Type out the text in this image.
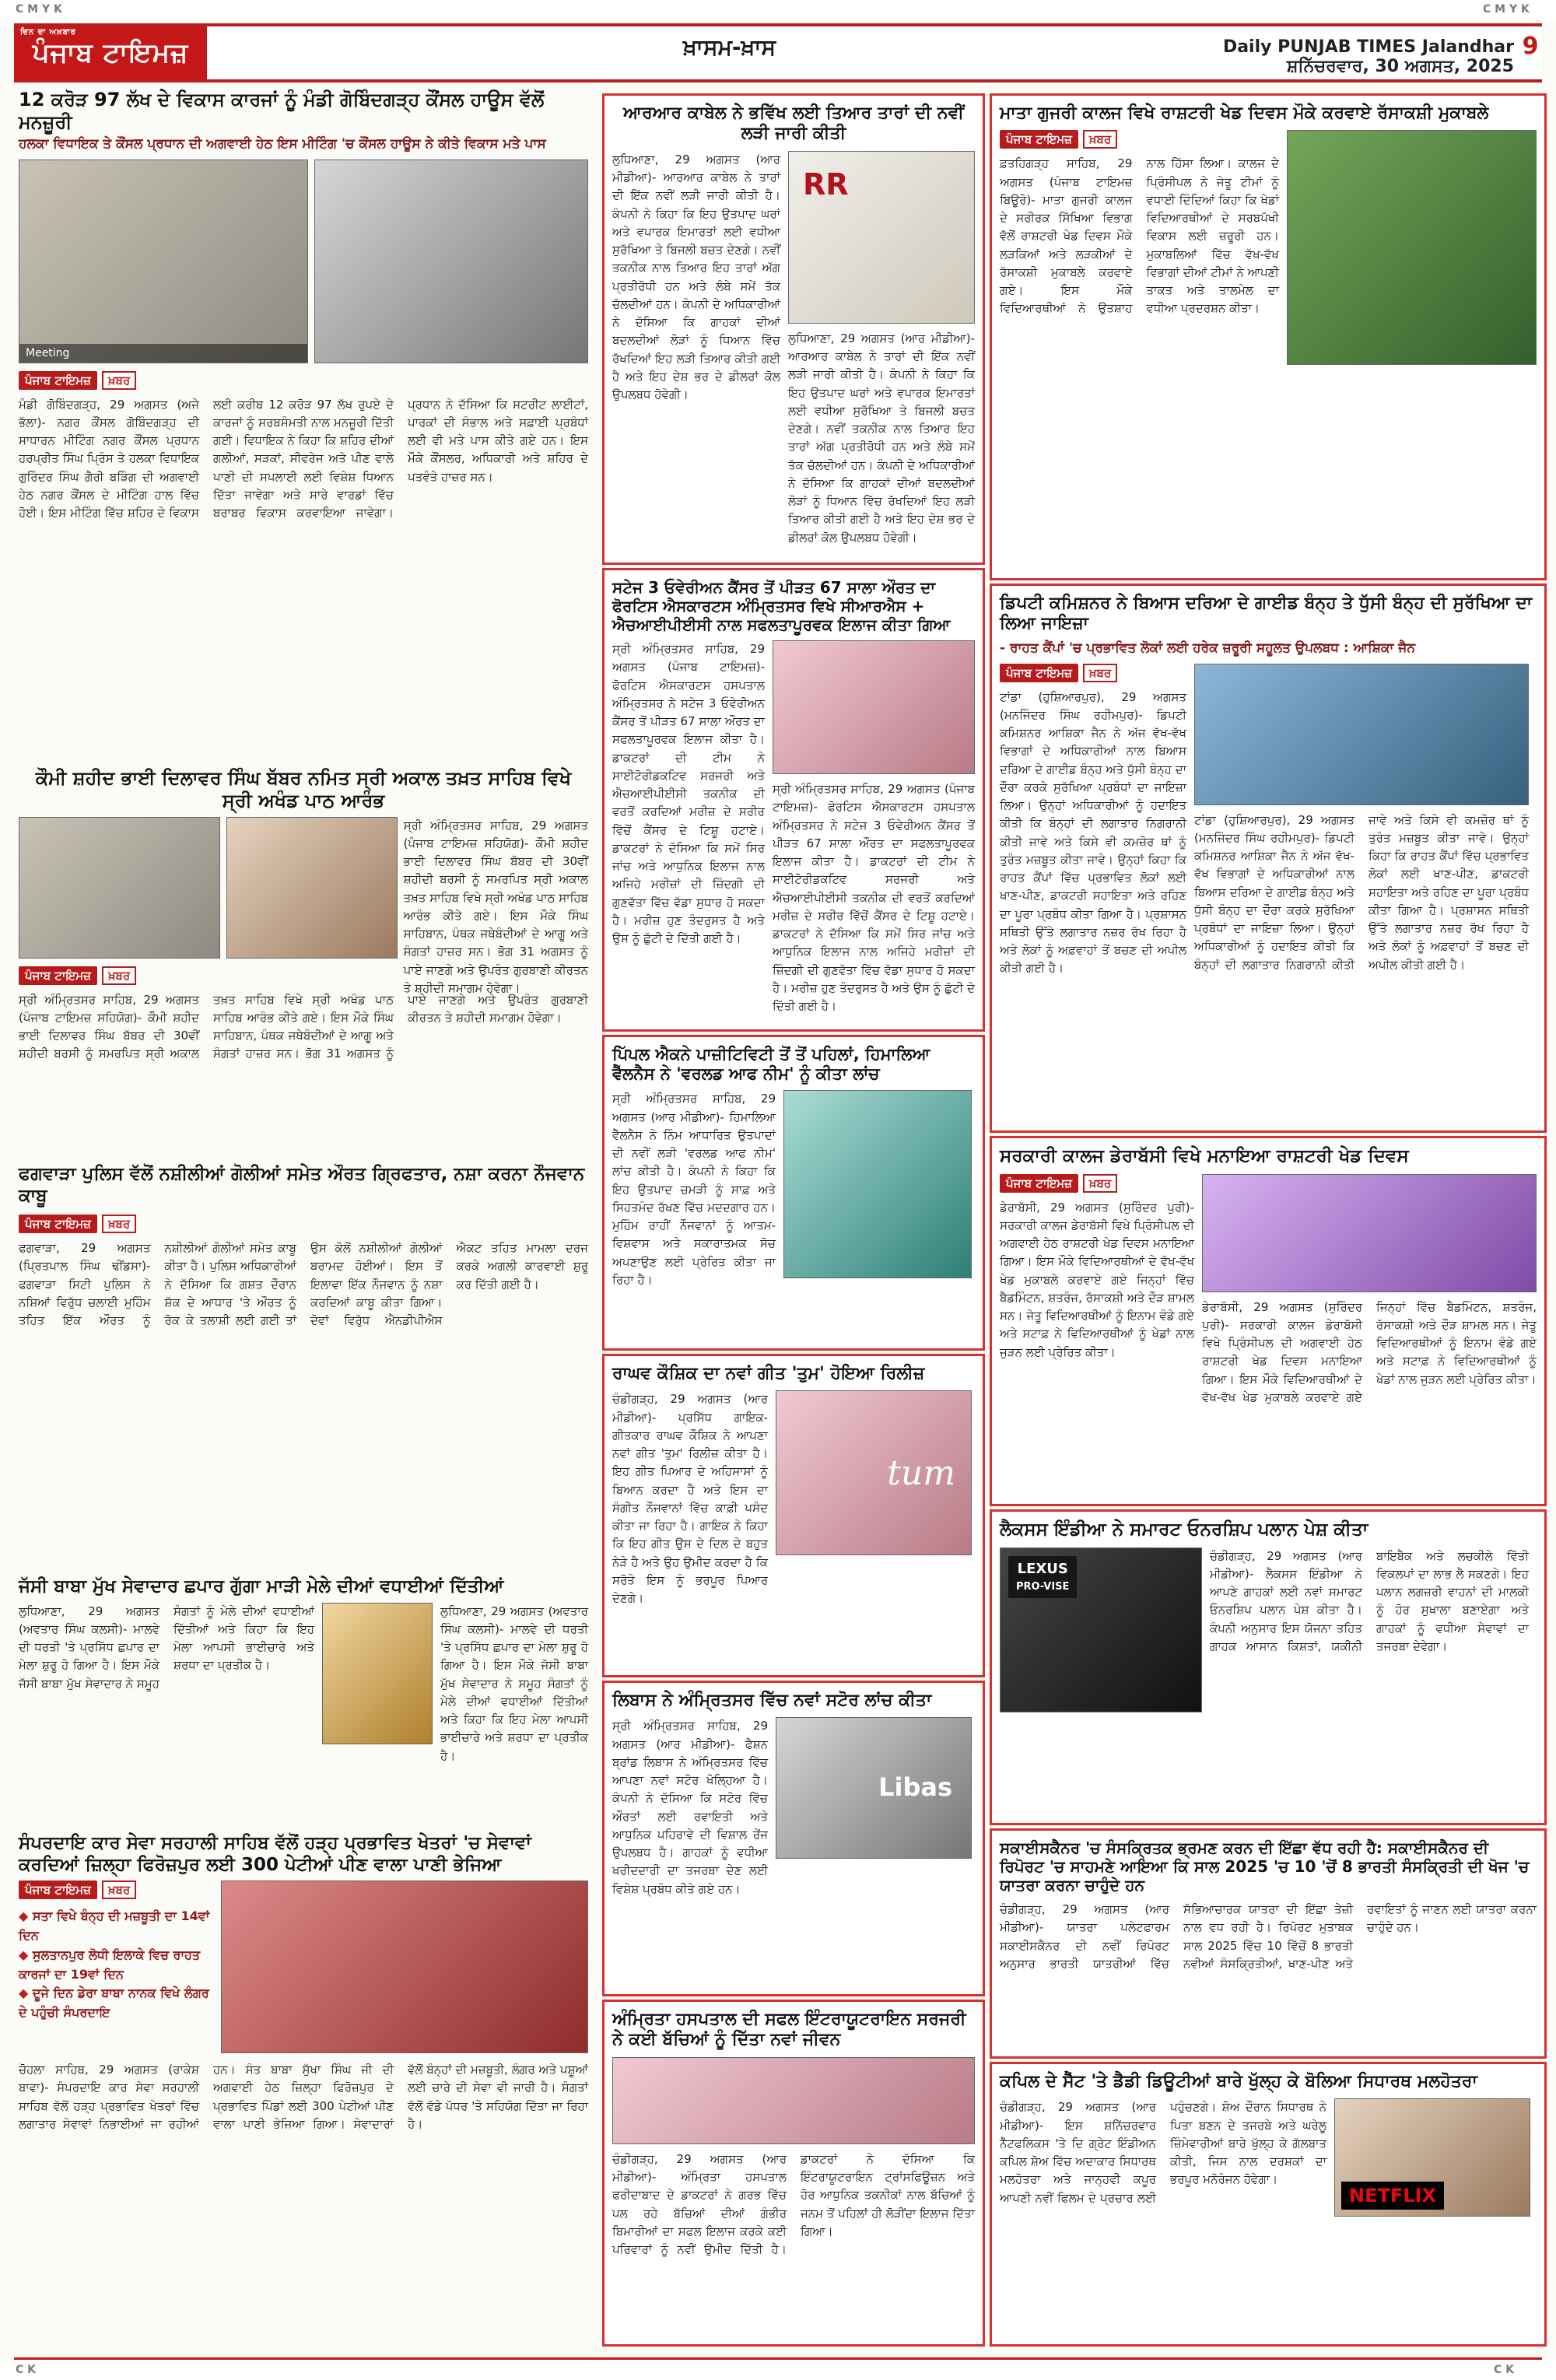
C M Y K	C M Y K
ਦਿਨ ਦਾ ਅਖ਼ਬਾਰ
ਪੰਜਾਬ ਟਾਇਮਜ਼	ਖ਼ਾਸਮ-ਖ਼ਾਸ	Daily PUNJAB TIMES Jalandhar ਸ਼ਨਿੱਚਰਵਾਰ, 30 ਅਗਸਤ, 2025
9
12 ਕਰੋੜ 97 ਲੱਖ ਦੇ ਵਿਕਾਸ ਕਾਰਜਾਂ ਨੂੰ ਮੰਡੀ ਗੋਬਿੰਦਗੜ੍ਹ ਕੌਂਸਲ ਹਾਊਸ ਵੱਲੋਂ ਮਨਜ਼ੂਰੀ
ਹਲਕਾ ਵਿਧਾਇਕ ਤੇ ਕੌਂਸਲ ਪ੍ਰਧਾਨ ਦੀ ਅਗਵਾਈ ਹੇਠ ਇਸ ਮੀਟਿੰਗ 'ਚ ਕੌਂਸਲ ਹਾਊਸ ਨੇ ਕੀਤੇ ਵਿਕਾਸ ਮਤੇ ਪਾਸ
Meeting
ਪੰਜਾਬ ਟਾਇਮਜ਼	ਖ਼ਬਰ
ਮੰਡੀ ਗੋਬਿੰਦਗੜ੍ਹ, 29 ਅਗਸਤ (ਅਜੇ ਭੱਲਾ)- ਨਗਰ ਕੌਂਸਲ ਗੋਬਿੰਦਗੜ੍ਹ ਦੀ ਸਾਧਾਰਨ ਮੀਟਿੰਗ ਨਗਰ ਕੌਂਸਲ ਪ੍ਰਧਾਨ ਹਰਪ੍ਰੀਤ ਸਿੰਘ ਪ੍ਰਿੰਸ ਤੇ ਹਲਕਾ ਵਿਧਾਇਕ ਗੁਰਿੰਦਰ ਸਿੰਘ ਗੈਰੀ ਬੜਿੰਗ ਦੀ ਅਗਵਾਈ ਹੇਠ ਨਗਰ ਕੌਂਸਲ ਦੇ ਮੀਟਿੰਗ ਹਾਲ ਵਿੱਚ ਹੋਈ। ਇਸ ਮੀਟਿੰਗ ਵਿੱਚ ਸ਼ਹਿਰ ਦੇ ਵਿਕਾਸ ਲਈ ਕਰੀਬ 12 ਕਰੋੜ 97 ਲੱਖ ਰੁਪਏ ਦੇ ਕਾਰਜਾਂ ਨੂੰ ਸਰਬਸੰਮਤੀ ਨਾਲ ਮਨਜ਼ੂਰੀ ਦਿੱਤੀ ਗਈ। ਵਿਧਾਇਕ ਨੇ ਕਿਹਾ ਕਿ ਸ਼ਹਿਰ ਦੀਆਂ ਗਲੀਆਂ, ਸੜਕਾਂ, ਸੀਵਰੇਜ ਅਤੇ ਪੀਣ ਵਾਲੇ ਪਾਣੀ ਦੀ ਸਪਲਾਈ ਲਈ ਵਿਸ਼ੇਸ਼ ਧਿਆਨ ਦਿੱਤਾ ਜਾਵੇਗਾ ਅਤੇ ਸਾਰੇ ਵਾਰਡਾਂ ਵਿੱਚ ਬਰਾਬਰ ਵਿਕਾਸ ਕਰਵਾਇਆ ਜਾਵੇਗਾ। ਪ੍ਰਧਾਨ ਨੇ ਦੱਸਿਆ ਕਿ ਸਟਰੀਟ ਲਾਈਟਾਂ, ਪਾਰਕਾਂ ਦੀ ਸੰਭਾਲ ਅਤੇ ਸਫ਼ਾਈ ਪ੍ਰਬੰਧਾਂ ਲਈ ਵੀ ਮਤੇ ਪਾਸ ਕੀਤੇ ਗਏ ਹਨ। ਇਸ ਮੌਕੇ ਕੌਂਸਲਰ, ਅਧਿਕਾਰੀ ਅਤੇ ਸ਼ਹਿਰ ਦੇ ਪਤਵੰਤੇ ਹਾਜ਼ਰ ਸਨ।
ਆਰਆਰ ਕਾਬੇਲ ਨੇ ਭਵਿੱਖ ਲਈ ਤਿਆਰ ਤਾਰਾਂ ਦੀ ਨਵੀਂ ਲੜੀ ਜਾਰੀ ਕੀਤੀ
ਲੁਧਿਆਣਾ, 29 ਅਗਸਤ (ਆਰ ਮੀਡੀਆ)- ਆਰਆਰ ਕਾਬੇਲ ਨੇ ਤਾਰਾਂ ਦੀ ਇੱਕ ਨਵੀਂ ਲੜੀ ਜਾਰੀ ਕੀਤੀ ਹੈ। ਕੰਪਨੀ ਨੇ ਕਿਹਾ ਕਿ ਇਹ ਉਤਪਾਦ ਘਰਾਂ ਅਤੇ ਵਪਾਰਕ ਇਮਾਰਤਾਂ ਲਈ ਵਧੀਆ ਸੁਰੱਖਿਆ ਤੇ ਬਿਜਲੀ ਬਚਤ ਦੇਣਗੇ। ਨਵੀਂ ਤਕਨੀਕ ਨਾਲ ਤਿਆਰ ਇਹ ਤਾਰਾਂ ਅੱਗ ਪ੍ਰਤੀਰੋਧੀ ਹਨ ਅਤੇ ਲੰਬੇ ਸਮੇਂ ਤੱਕ ਚੱਲਦੀਆਂ ਹਨ। ਕੰਪਨੀ ਦੇ ਅਧਿਕਾਰੀਆਂ ਨੇ ਦੱਸਿਆ ਕਿ ਗਾਹਕਾਂ ਦੀਆਂ ਬਦਲਦੀਆਂ ਲੋੜਾਂ ਨੂੰ ਧਿਆਨ ਵਿੱਚ ਰੱਖਦਿਆਂ ਇਹ ਲੜੀ ਤਿਆਰ ਕੀਤੀ ਗਈ ਹੈ ਅਤੇ ਇਹ ਦੇਸ਼ ਭਰ ਦੇ ਡੀਲਰਾਂ ਕੋਲ ਉਪਲਬਧ ਹੋਵੇਗੀ।
RR
ਲੁਧਿਆਣਾ, 29 ਅਗਸਤ (ਆਰ ਮੀਡੀਆ)- ਆਰਆਰ ਕਾਬੇਲ ਨੇ ਤਾਰਾਂ ਦੀ ਇੱਕ ਨਵੀਂ ਲੜੀ ਜਾਰੀ ਕੀਤੀ ਹੈ। ਕੰਪਨੀ ਨੇ ਕਿਹਾ ਕਿ ਇਹ ਉਤਪਾਦ ਘਰਾਂ ਅਤੇ ਵਪਾਰਕ ਇਮਾਰਤਾਂ ਲਈ ਵਧੀਆ ਸੁਰੱਖਿਆ ਤੇ ਬਿਜਲੀ ਬਚਤ ਦੇਣਗੇ। ਨਵੀਂ ਤਕਨੀਕ ਨਾਲ ਤਿਆਰ ਇਹ ਤਾਰਾਂ ਅੱਗ ਪ੍ਰਤੀਰੋਧੀ ਹਨ ਅਤੇ ਲੰਬੇ ਸਮੇਂ ਤੱਕ ਚੱਲਦੀਆਂ ਹਨ। ਕੰਪਨੀ ਦੇ ਅਧਿਕਾਰੀਆਂ ਨੇ ਦੱਸਿਆ ਕਿ ਗਾਹਕਾਂ ਦੀਆਂ ਬਦਲਦੀਆਂ ਲੋੜਾਂ ਨੂੰ ਧਿਆਨ ਵਿੱਚ ਰੱਖਦਿਆਂ ਇਹ ਲੜੀ ਤਿਆਰ ਕੀਤੀ ਗਈ ਹੈ ਅਤੇ ਇਹ ਦੇਸ਼ ਭਰ ਦੇ ਡੀਲਰਾਂ ਕੋਲ ਉਪਲਬਧ ਹੋਵੇਗੀ।
ਮਾਤਾ ਗੁਜਰੀ ਕਾਲਜ ਵਿਖੇ ਰਾਸ਼ਟਰੀ ਖੇਡ ਦਿਵਸ ਮੌਕੇ ਕਰਵਾਏ ਰੱਸਾਕਸ਼ੀ ਮੁਕਾਬਲੇ
ਪੰਜਾਬ ਟਾਇਮਜ਼	ਖ਼ਬਰ
ਫ਼ਤਹਿਗੜ੍ਹ ਸਾਹਿਬ, 29 ਅਗਸਤ (ਪੰਜਾਬ ਟਾਇਮਜ਼ ਬਿਊਰੋ)- ਮਾਤਾ ਗੁਜਰੀ ਕਾਲਜ ਦੇ ਸਰੀਰਕ ਸਿੱਖਿਆ ਵਿਭਾਗ ਵੱਲੋਂ ਰਾਸ਼ਟਰੀ ਖੇਡ ਦਿਵਸ ਮੌਕੇ ਲੜਕਿਆਂ ਅਤੇ ਲੜਕੀਆਂ ਦੇ ਰੱਸਾਕਸ਼ੀ ਮੁਕਾਬਲੇ ਕਰਵਾਏ ਗਏ। ਇਸ ਮੌਕੇ ਵਿਦਿਆਰਥੀਆਂ ਨੇ ਉਤਸ਼ਾਹ ਨਾਲ ਹਿੱਸਾ ਲਿਆ। ਕਾਲਜ ਦੇ ਪ੍ਰਿੰਸੀਪਲ ਨੇ ਜੇਤੂ ਟੀਮਾਂ ਨੂੰ ਵਧਾਈ ਦਿੰਦਿਆਂ ਕਿਹਾ ਕਿ ਖੇਡਾਂ ਵਿਦਿਆਰਥੀਆਂ ਦੇ ਸਰਬਪੱਖੀ ਵਿਕਾਸ ਲਈ ਜ਼ਰੂਰੀ ਹਨ। ਮੁਕਾਬਲਿਆਂ ਵਿੱਚ ਵੱਖ-ਵੱਖ ਵਿਭਾਗਾਂ ਦੀਆਂ ਟੀਮਾਂ ਨੇ ਆਪਣੀ ਤਾਕਤ ਅਤੇ ਤਾਲਮੇਲ ਦਾ ਵਧੀਆ ਪ੍ਰਦਰਸ਼ਨ ਕੀਤਾ।
ਕੌਮੀ ਸ਼ਹੀਦ ਭਾਈ ਦਿਲਾਵਰ ਸਿੰਘ ਬੱਬਰ ਨਮਿਤ ਸ੍ਰੀ ਅਕਾਲ ਤਖ਼ਤ ਸਾਹਿਬ ਵਿਖੇ ਸ੍ਰੀ ਅਖੰਡ ਪਾਠ ਆਰੰਭ
ਸ੍ਰੀ ਅੰਮ੍ਰਿਤਸਰ ਸਾਹਿਬ, 29 ਅਗਸਤ (ਪੰਜਾਬ ਟਾਇਮਜ਼ ਸਹਿਯੋਗ)- ਕੌਮੀ ਸ਼ਹੀਦ ਭਾਈ ਦਿਲਾਵਰ ਸਿੰਘ ਬੱਬਰ ਦੀ 30ਵੀਂ ਸ਼ਹੀਦੀ ਬਰਸੀ ਨੂੰ ਸਮਰਪਿਤ ਸ੍ਰੀ ਅਕਾਲ ਤਖ਼ਤ ਸਾਹਿਬ ਵਿਖੇ ਸ੍ਰੀ ਅਖੰਡ ਪਾਠ ਸਾਹਿਬ ਆਰੰਭ ਕੀਤੇ ਗਏ। ਇਸ ਮੌਕੇ ਸਿੰਘ ਸਾਹਿਬਾਨ, ਪੰਥਕ ਜਥੇਬੰਦੀਆਂ ਦੇ ਆਗੂ ਅਤੇ ਸੰਗਤਾਂ ਹਾਜ਼ਰ ਸਨ। ਭੋਗ 31 ਅਗਸਤ ਨੂੰ ਪਾਏ ਜਾਣਗੇ ਅਤੇ ਉਪਰੰਤ ਗੁਰਬਾਣੀ ਕੀਰਤਨ ਤੇ ਸ਼ਹੀਦੀ ਸਮਾਗਮ ਹੋਵੇਗਾ।
ਪੰਜਾਬ ਟਾਇਮਜ਼	ਖ਼ਬਰ
ਸ੍ਰੀ ਅੰਮ੍ਰਿਤਸਰ ਸਾਹਿਬ, 29 ਅਗਸਤ (ਪੰਜਾਬ ਟਾਇਮਜ਼ ਸਹਿਯੋਗ)- ਕੌਮੀ ਸ਼ਹੀਦ ਭਾਈ ਦਿਲਾਵਰ ਸਿੰਘ ਬੱਬਰ ਦੀ 30ਵੀਂ ਸ਼ਹੀਦੀ ਬਰਸੀ ਨੂੰ ਸਮਰਪਿਤ ਸ੍ਰੀ ਅਕਾਲ ਤਖ਼ਤ ਸਾਹਿਬ ਵਿਖੇ ਸ੍ਰੀ ਅਖੰਡ ਪਾਠ ਸਾਹਿਬ ਆਰੰਭ ਕੀਤੇ ਗਏ। ਇਸ ਮੌਕੇ ਸਿੰਘ ਸਾਹਿਬਾਨ, ਪੰਥਕ ਜਥੇਬੰਦੀਆਂ ਦੇ ਆਗੂ ਅਤੇ ਸੰਗਤਾਂ ਹਾਜ਼ਰ ਸਨ। ਭੋਗ 31 ਅਗਸਤ ਨੂੰ ਪਾਏ ਜਾਣਗੇ ਅਤੇ ਉਪਰੰਤ ਗੁਰਬਾਣੀ ਕੀਰਤਨ ਤੇ ਸ਼ਹੀਦੀ ਸਮਾਗਮ ਹੋਵੇਗਾ।
ਸਟੇਜ 3 ਓਵੇਰੀਅਨ ਕੈਂਸਰ ਤੋਂ ਪੀੜਤ 67 ਸਾਲਾ ਔਰਤ ਦਾ ਫੋਰਟਿਸ ਐਸਕਾਰਟਸ ਅੰਮ੍ਰਿਤਸਰ ਵਿਖੇ ਸੀਆਰਐਸ + ਐਚਆਈਪੀਈਸੀ ਨਾਲ ਸਫਲਤਾਪੂਰਵਕ ਇਲਾਜ ਕੀਤਾ ਗਿਆ
ਸ੍ਰੀ ਅੰਮ੍ਰਿਤਸਰ ਸਾਹਿਬ, 29 ਅਗਸਤ (ਪੰਜਾਬ ਟਾਇਮਜ਼)- ਫੋਰਟਿਸ ਐਸਕਾਰਟਸ ਹਸਪਤਾਲ ਅੰਮ੍ਰਿਤਸਰ ਨੇ ਸਟੇਜ 3 ਓਵੇਰੀਅਨ ਕੈਂਸਰ ਤੋਂ ਪੀੜਤ 67 ਸਾਲਾ ਔਰਤ ਦਾ ਸਫਲਤਾਪੂਰਵਕ ਇਲਾਜ ਕੀਤਾ ਹੈ। ਡਾਕਟਰਾਂ ਦੀ ਟੀਮ ਨੇ ਸਾਈਟੋਰੀਡਕਟਿਵ ਸਰਜਰੀ ਅਤੇ ਐਚਆਈਪੀਈਸੀ ਤਕਨੀਕ ਦੀ ਵਰਤੋਂ ਕਰਦਿਆਂ ਮਰੀਜ਼ ਦੇ ਸਰੀਰ ਵਿੱਚੋਂ ਕੈਂਸਰ ਦੇ ਟਿਸ਼ੂ ਹਟਾਏ। ਡਾਕਟਰਾਂ ਨੇ ਦੱਸਿਆ ਕਿ ਸਮੇਂ ਸਿਰ ਜਾਂਚ ਅਤੇ ਆਧੁਨਿਕ ਇਲਾਜ ਨਾਲ ਅਜਿਹੇ ਮਰੀਜ਼ਾਂ ਦੀ ਜ਼ਿੰਦਗੀ ਦੀ ਗੁਣਵੱਤਾ ਵਿੱਚ ਵੱਡਾ ਸੁਧਾਰ ਹੋ ਸਕਦਾ ਹੈ। ਮਰੀਜ਼ ਹੁਣ ਤੰਦਰੁਸਤ ਹੈ ਅਤੇ ਉਸ ਨੂੰ ਛੁੱਟੀ ਦੇ ਦਿੱਤੀ ਗਈ ਹੈ।
ਸ੍ਰੀ ਅੰਮ੍ਰਿਤਸਰ ਸਾਹਿਬ, 29 ਅਗਸਤ (ਪੰਜਾਬ ਟਾਇਮਜ਼)- ਫੋਰਟਿਸ ਐਸਕਾਰਟਸ ਹਸਪਤਾਲ ਅੰਮ੍ਰਿਤਸਰ ਨੇ ਸਟੇਜ 3 ਓਵੇਰੀਅਨ ਕੈਂਸਰ ਤੋਂ ਪੀੜਤ 67 ਸਾਲਾ ਔਰਤ ਦਾ ਸਫਲਤਾਪੂਰਵਕ ਇਲਾਜ ਕੀਤਾ ਹੈ। ਡਾਕਟਰਾਂ ਦੀ ਟੀਮ ਨੇ ਸਾਈਟੋਰੀਡਕਟਿਵ ਸਰਜਰੀ ਅਤੇ ਐਚਆਈਪੀਈਸੀ ਤਕਨੀਕ ਦੀ ਵਰਤੋਂ ਕਰਦਿਆਂ ਮਰੀਜ਼ ਦੇ ਸਰੀਰ ਵਿੱਚੋਂ ਕੈਂਸਰ ਦੇ ਟਿਸ਼ੂ ਹਟਾਏ। ਡਾਕਟਰਾਂ ਨੇ ਦੱਸਿਆ ਕਿ ਸਮੇਂ ਸਿਰ ਜਾਂਚ ਅਤੇ ਆਧੁਨਿਕ ਇਲਾਜ ਨਾਲ ਅਜਿਹੇ ਮਰੀਜ਼ਾਂ ਦੀ ਜ਼ਿੰਦਗੀ ਦੀ ਗੁਣਵੱਤਾ ਵਿੱਚ ਵੱਡਾ ਸੁਧਾਰ ਹੋ ਸਕਦਾ ਹੈ। ਮਰੀਜ਼ ਹੁਣ ਤੰਦਰੁਸਤ ਹੈ ਅਤੇ ਉਸ ਨੂੰ ਛੁੱਟੀ ਦੇ ਦਿੱਤੀ ਗਈ ਹੈ।
ਡਿਪਟੀ ਕਮਿਸ਼ਨਰ ਨੇ ਬਿਆਸ ਦਰਿਆ ਦੇ ਗਾਈਡ ਬੰਨ੍ਹ ਤੇ ਧੁੱਸੀ ਬੰਨ੍ਹ ਦੀ ਸੁਰੱਖਿਆ ਦਾ ਲਿਆ ਜਾਇਜ਼ਾ
- ਰਾਹਤ ਕੈਂਪਾਂ 'ਚ ਪ੍ਰਭਾਵਿਤ ਲੋਕਾਂ ਲਈ ਹਰੇਕ ਜ਼ਰੂਰੀ ਸਹੂਲਤ ਉਪਲਬਧ : ਆਸ਼ਿਕਾ ਜੈਨ
ਪੰਜਾਬ ਟਾਇਮਜ਼	ਖ਼ਬਰ
ਟਾਂਡਾ (ਹੁਸ਼ਿਆਰਪੁਰ), 29 ਅਗਸਤ (ਮਨਜਿੰਦਰ ਸਿੰਘ ਰਹੀਮਪੁਰ)- ਡਿਪਟੀ ਕਮਿਸ਼ਨਰ ਆਸ਼ਿਕਾ ਜੈਨ ਨੇ ਅੱਜ ਵੱਖ-ਵੱਖ ਵਿਭਾਗਾਂ ਦੇ ਅਧਿਕਾਰੀਆਂ ਨਾਲ ਬਿਆਸ ਦਰਿਆ ਦੇ ਗਾਈਡ ਬੰਨ੍ਹ ਅਤੇ ਧੁੱਸੀ ਬੰਨ੍ਹ ਦਾ ਦੌਰਾ ਕਰਕੇ ਸੁਰੱਖਿਆ ਪ੍ਰਬੰਧਾਂ ਦਾ ਜਾਇਜ਼ਾ ਲਿਆ। ਉਨ੍ਹਾਂ ਅਧਿਕਾਰੀਆਂ ਨੂੰ ਹਦਾਇਤ ਕੀਤੀ ਕਿ ਬੰਨ੍ਹਾਂ ਦੀ ਲਗਾਤਾਰ ਨਿਗਰਾਨੀ ਕੀਤੀ ਜਾਵੇ ਅਤੇ ਕਿਸੇ ਵੀ ਕਮਜ਼ੋਰ ਥਾਂ ਨੂੰ ਤੁਰੰਤ ਮਜ਼ਬੂਤ ਕੀਤਾ ਜਾਵੇ। ਉਨ੍ਹਾਂ ਕਿਹਾ ਕਿ ਰਾਹਤ ਕੈਂਪਾਂ ਵਿੱਚ ਪ੍ਰਭਾਵਿਤ ਲੋਕਾਂ ਲਈ ਖਾਣ-ਪੀਣ, ਡਾਕਟਰੀ ਸਹਾਇਤਾ ਅਤੇ ਰਹਿਣ ਦਾ ਪੂਰਾ ਪ੍ਰਬੰਧ ਕੀਤਾ ਗਿਆ ਹੈ। ਪ੍ਰਸ਼ਾਸਨ ਸਥਿਤੀ ਉੱਤੇ ਲਗਾਤਾਰ ਨਜ਼ਰ ਰੱਖ ਰਿਹਾ ਹੈ ਅਤੇ ਲੋਕਾਂ ਨੂੰ ਅਫ਼ਵਾਹਾਂ ਤੋਂ ਬਚਣ ਦੀ ਅਪੀਲ ਕੀਤੀ ਗਈ ਹੈ।
ਟਾਂਡਾ (ਹੁਸ਼ਿਆਰਪੁਰ), 29 ਅਗਸਤ (ਮਨਜਿੰਦਰ ਸਿੰਘ ਰਹੀਮਪੁਰ)- ਡਿਪਟੀ ਕਮਿਸ਼ਨਰ ਆਸ਼ਿਕਾ ਜੈਨ ਨੇ ਅੱਜ ਵੱਖ-ਵੱਖ ਵਿਭਾਗਾਂ ਦੇ ਅਧਿਕਾਰੀਆਂ ਨਾਲ ਬਿਆਸ ਦਰਿਆ ਦੇ ਗਾਈਡ ਬੰਨ੍ਹ ਅਤੇ ਧੁੱਸੀ ਬੰਨ੍ਹ ਦਾ ਦੌਰਾ ਕਰਕੇ ਸੁਰੱਖਿਆ ਪ੍ਰਬੰਧਾਂ ਦਾ ਜਾਇਜ਼ਾ ਲਿਆ। ਉਨ੍ਹਾਂ ਅਧਿਕਾਰੀਆਂ ਨੂੰ ਹਦਾਇਤ ਕੀਤੀ ਕਿ ਬੰਨ੍ਹਾਂ ਦੀ ਲਗਾਤਾਰ ਨਿਗਰਾਨੀ ਕੀਤੀ ਜਾਵੇ ਅਤੇ ਕਿਸੇ ਵੀ ਕਮਜ਼ੋਰ ਥਾਂ ਨੂੰ ਤੁਰੰਤ ਮਜ਼ਬੂਤ ਕੀਤਾ ਜਾਵੇ। ਉਨ੍ਹਾਂ ਕਿਹਾ ਕਿ ਰਾਹਤ ਕੈਂਪਾਂ ਵਿੱਚ ਪ੍ਰਭਾਵਿਤ ਲੋਕਾਂ ਲਈ ਖਾਣ-ਪੀਣ, ਡਾਕਟਰੀ ਸਹਾਇਤਾ ਅਤੇ ਰਹਿਣ ਦਾ ਪੂਰਾ ਪ੍ਰਬੰਧ ਕੀਤਾ ਗਿਆ ਹੈ। ਪ੍ਰਸ਼ਾਸਨ ਸਥਿਤੀ ਉੱਤੇ ਲਗਾਤਾਰ ਨਜ਼ਰ ਰੱਖ ਰਿਹਾ ਹੈ ਅਤੇ ਲੋਕਾਂ ਨੂੰ ਅਫ਼ਵਾਹਾਂ ਤੋਂ ਬਚਣ ਦੀ ਅਪੀਲ ਕੀਤੀ ਗਈ ਹੈ।
ਪਿੱਪਲ ਐਕਨੇ ਪਾਜ਼ੀਟਿਵਿਟੀ ਤੋਂ ਤੋਂ ਪਹਿਲਾਂ, ਹਿਮਾਲਿਆ ਵੈੱਲਨੈਸ ਨੇ 'ਵਰਲਡ ਆਫ ਨੀਮ' ਨੂੰ ਕੀਤਾ ਲਾਂਚ
ਸ੍ਰੀ ਅੰਮ੍ਰਿਤਸਰ ਸਾਹਿਬ, 29 ਅਗਸਤ (ਆਰ ਮੀਡੀਆ)- ਹਿਮਾਲਿਆ ਵੈੱਲਨੈਸ ਨੇ ਨਿੰਮ ਆਧਾਰਿਤ ਉਤਪਾਦਾਂ ਦੀ ਨਵੀਂ ਲੜੀ 'ਵਰਲਡ ਆਫ ਨੀਮ' ਲਾਂਚ ਕੀਤੀ ਹੈ। ਕੰਪਨੀ ਨੇ ਕਿਹਾ ਕਿ ਇਹ ਉਤਪਾਦ ਚਮੜੀ ਨੂੰ ਸਾਫ਼ ਅਤੇ ਸਿਹਤਮੰਦ ਰੱਖਣ ਵਿੱਚ ਮਦਦਗਾਰ ਹਨ। ਮੁਹਿੰਮ ਰਾਹੀਂ ਨੌਜਵਾਨਾਂ ਨੂੰ ਆਤਮ-ਵਿਸ਼ਵਾਸ ਅਤੇ ਸਕਾਰਾਤਮਕ ਸੋਚ ਅਪਣਾਉਣ ਲਈ ਪ੍ਰੇਰਿਤ ਕੀਤਾ ਜਾ ਰਿਹਾ ਹੈ।
ਸਰਕਾਰੀ ਕਾਲਜ ਡੇਰਾਬੱਸੀ ਵਿਖੇ ਮਨਾਇਆ ਰਾਸ਼ਟਰੀ ਖੇਡ ਦਿਵਸ
ਪੰਜਾਬ ਟਾਇਮਜ਼	ਖ਼ਬਰ
ਡੇਰਾਬੱਸੀ, 29 ਅਗਸਤ (ਸੁਰਿੰਦਰ ਪੁਰੀ)- ਸਰਕਾਰੀ ਕਾਲਜ ਡੇਰਾਬੱਸੀ ਵਿਖੇ ਪ੍ਰਿੰਸੀਪਲ ਦੀ ਅਗਵਾਈ ਹੇਠ ਰਾਸ਼ਟਰੀ ਖੇਡ ਦਿਵਸ ਮਨਾਇਆ ਗਿਆ। ਇਸ ਮੌਕੇ ਵਿਦਿਆਰਥੀਆਂ ਦੇ ਵੱਖ-ਵੱਖ ਖੇਡ ਮੁਕਾਬਲੇ ਕਰਵਾਏ ਗਏ ਜਿਨ੍ਹਾਂ ਵਿੱਚ ਬੈਡਮਿੰਟਨ, ਸ਼ਤਰੰਜ, ਰੱਸਾਕਸ਼ੀ ਅਤੇ ਦੌੜ ਸ਼ਾਮਲ ਸਨ। ਜੇਤੂ ਵਿਦਿਆਰਥੀਆਂ ਨੂੰ ਇਨਾਮ ਵੰਡੇ ਗਏ ਅਤੇ ਸਟਾਫ਼ ਨੇ ਵਿਦਿਆਰਥੀਆਂ ਨੂੰ ਖੇਡਾਂ ਨਾਲ ਜੁੜਨ ਲਈ ਪ੍ਰੇਰਿਤ ਕੀਤਾ।
ਡੇਰਾਬੱਸੀ, 29 ਅਗਸਤ (ਸੁਰਿੰਦਰ ਪੁਰੀ)- ਸਰਕਾਰੀ ਕਾਲਜ ਡੇਰਾਬੱਸੀ ਵਿਖੇ ਪ੍ਰਿੰਸੀਪਲ ਦੀ ਅਗਵਾਈ ਹੇਠ ਰਾਸ਼ਟਰੀ ਖੇਡ ਦਿਵਸ ਮਨਾਇਆ ਗਿਆ। ਇਸ ਮੌਕੇ ਵਿਦਿਆਰਥੀਆਂ ਦੇ ਵੱਖ-ਵੱਖ ਖੇਡ ਮੁਕਾਬਲੇ ਕਰਵਾਏ ਗਏ ਜਿਨ੍ਹਾਂ ਵਿੱਚ ਬੈਡਮਿੰਟਨ, ਸ਼ਤਰੰਜ, ਰੱਸਾਕਸ਼ੀ ਅਤੇ ਦੌੜ ਸ਼ਾਮਲ ਸਨ। ਜੇਤੂ ਵਿਦਿਆਰਥੀਆਂ ਨੂੰ ਇਨਾਮ ਵੰਡੇ ਗਏ ਅਤੇ ਸਟਾਫ਼ ਨੇ ਵਿਦਿਆਰਥੀਆਂ ਨੂੰ ਖੇਡਾਂ ਨਾਲ ਜੁੜਨ ਲਈ ਪ੍ਰੇਰਿਤ ਕੀਤਾ।
ਫਗਵਾੜਾ ਪੁਲਿਸ ਵੱਲੋਂ ਨਸ਼ੀਲੀਆਂ ਗੋਲੀਆਂ ਸਮੇਤ ਔਰਤ ਗ੍ਰਿਫਤਾਰ, ਨਸ਼ਾ ਕਰਨਾ ਨੌਜਵਾਨ ਕਾਬੂ
ਪੰਜਾਬ ਟਾਇਮਜ਼	ਖ਼ਬਰ
ਫਗਵਾੜਾ, 29 ਅਗਸਤ (ਪ੍ਰਿਤਪਾਲ ਸਿੰਘ ਢੀਂਡਸਾ)- ਫਗਵਾੜਾ ਸਿਟੀ ਪੁਲਿਸ ਨੇ ਨਸ਼ਿਆਂ ਵਿਰੁੱਧ ਚਲਾਈ ਮੁਹਿੰਮ ਤਹਿਤ ਇੱਕ ਔਰਤ ਨੂੰ ਨਸ਼ੀਲੀਆਂ ਗੋਲੀਆਂ ਸਮੇਤ ਕਾਬੂ ਕੀਤਾ ਹੈ। ਪੁਲਿਸ ਅਧਿਕਾਰੀਆਂ ਨੇ ਦੱਸਿਆ ਕਿ ਗਸ਼ਤ ਦੌਰਾਨ ਸ਼ੱਕ ਦੇ ਆਧਾਰ 'ਤੇ ਔਰਤ ਨੂੰ ਰੋਕ ਕੇ ਤਲਾਸ਼ੀ ਲਈ ਗਈ ਤਾਂ ਉਸ ਕੋਲੋਂ ਨਸ਼ੀਲੀਆਂ ਗੋਲੀਆਂ ਬਰਾਮਦ ਹੋਈਆਂ। ਇਸ ਤੋਂ ਇਲਾਵਾ ਇੱਕ ਨੌਜਵਾਨ ਨੂੰ ਨਸ਼ਾ ਕਰਦਿਆਂ ਕਾਬੂ ਕੀਤਾ ਗਿਆ। ਦੋਵਾਂ ਵਿਰੁੱਧ ਐਨਡੀਪੀਐਸ ਐਕਟ ਤਹਿਤ ਮਾਮਲਾ ਦਰਜ ਕਰਕੇ ਅਗਲੀ ਕਾਰਵਾਈ ਸ਼ੁਰੂ ਕਰ ਦਿੱਤੀ ਗਈ ਹੈ।
ਰਾਘਵ ਕੌਸ਼ਿਕ ਦਾ ਨਵਾਂ ਗੀਤ 'ਤੁਮ' ਹੋਇਆ ਰਿਲੀਜ਼
ਚੰਡੀਗੜ੍ਹ, 29 ਅਗਸਤ (ਆਰ ਮੀਡੀਆ)- ਪ੍ਰਸਿੱਧ ਗਾਇਕ-ਗੀਤਕਾਰ ਰਾਘਵ ਕੌਸ਼ਿਕ ਨੇ ਆਪਣਾ ਨਵਾਂ ਗੀਤ 'ਤੁਮ' ਰਿਲੀਜ਼ ਕੀਤਾ ਹੈ। ਇਹ ਗੀਤ ਪਿਆਰ ਦੇ ਅਹਿਸਾਸਾਂ ਨੂੰ ਬਿਆਨ ਕਰਦਾ ਹੈ ਅਤੇ ਇਸ ਦਾ ਸੰਗੀਤ ਨੌਜਵਾਨਾਂ ਵਿੱਚ ਕਾਫ਼ੀ ਪਸੰਦ ਕੀਤਾ ਜਾ ਰਿਹਾ ਹੈ। ਗਾਇਕ ਨੇ ਕਿਹਾ ਕਿ ਇਹ ਗੀਤ ਉਸ ਦੇ ਦਿਲ ਦੇ ਬਹੁਤ ਨੇੜੇ ਹੈ ਅਤੇ ਉਹ ਉਮੀਦ ਕਰਦਾ ਹੈ ਕਿ ਸਰੋਤੇ ਇਸ ਨੂੰ ਭਰਪੂਰ ਪਿਆਰ ਦੇਣਗੇ।
tum
ਲੈਕਸਸ ਇੰਡੀਆ ਨੇ ਸਮਾਰਟ ਓਨਰਸ਼ਿਪ ਪਲਾਨ ਪੇਸ਼ ਕੀਤਾ
LEXUS
PRO-VISE
ਚੰਡੀਗੜ੍ਹ, 29 ਅਗਸਤ (ਆਰ ਮੀਡੀਆ)- ਲੈਕਸਸ ਇੰਡੀਆ ਨੇ ਆਪਣੇ ਗਾਹਕਾਂ ਲਈ ਨਵਾਂ ਸਮਾਰਟ ਓਨਰਸ਼ਿਪ ਪਲਾਨ ਪੇਸ਼ ਕੀਤਾ ਹੈ। ਕੰਪਨੀ ਅਨੁਸਾਰ ਇਸ ਯੋਜਨਾ ਤਹਿਤ ਗਾਹਕ ਆਸਾਨ ਕਿਸ਼ਤਾਂ, ਯਕੀਨੀ ਬਾਇਬੈਕ ਅਤੇ ਲਚਕੀਲੇ ਵਿੱਤੀ ਵਿਕਲਪਾਂ ਦਾ ਲਾਭ ਲੈ ਸਕਣਗੇ। ਇਹ ਪਲਾਨ ਲਗਜ਼ਰੀ ਵਾਹਨਾਂ ਦੀ ਮਾਲਕੀ ਨੂੰ ਹੋਰ ਸੁਖਾਲਾ ਬਣਾਏਗਾ ਅਤੇ ਗਾਹਕਾਂ ਨੂੰ ਵਧੀਆ ਸੇਵਾਵਾਂ ਦਾ ਤਜਰਬਾ ਦੇਵੇਗਾ।
ਜੱਸੀ ਬਾਬਾ ਮੁੱਖ ਸੇਵਾਦਾਰ ਛਪਾਰ ਗੁੱਗਾ ਮਾੜੀ ਮੇਲੇ ਦੀਆਂ ਵਧਾਈਆਂ ਦਿੱਤੀਆਂ
ਲੁਧਿਆਣਾ, 29 ਅਗਸਤ (ਅਵਤਾਰ ਸਿੰਘ ਕਲਸੀ)- ਮਾਲਵੇ ਦੀ ਧਰਤੀ 'ਤੇ ਪ੍ਰਸਿੱਧ ਛਪਾਰ ਦਾ ਮੇਲਾ ਸ਼ੁਰੂ ਹੋ ਗਿਆ ਹੈ। ਇਸ ਮੌਕੇ ਜੱਸੀ ਬਾਬਾ ਮੁੱਖ ਸੇਵਾਦਾਰ ਨੇ ਸਮੂਹ ਸੰਗਤਾਂ ਨੂੰ ਮੇਲੇ ਦੀਆਂ ਵਧਾਈਆਂ ਦਿੱਤੀਆਂ ਅਤੇ ਕਿਹਾ ਕਿ ਇਹ ਮੇਲਾ ਆਪਸੀ ਭਾਈਚਾਰੇ ਅਤੇ ਸ਼ਰਧਾ ਦਾ ਪ੍ਰਤੀਕ ਹੈ।
ਲੁਧਿਆਣਾ, 29 ਅਗਸਤ (ਅਵਤਾਰ ਸਿੰਘ ਕਲਸੀ)- ਮਾਲਵੇ ਦੀ ਧਰਤੀ 'ਤੇ ਪ੍ਰਸਿੱਧ ਛਪਾਰ ਦਾ ਮੇਲਾ ਸ਼ੁਰੂ ਹੋ ਗਿਆ ਹੈ। ਇਸ ਮੌਕੇ ਜੱਸੀ ਬਾਬਾ ਮੁੱਖ ਸੇਵਾਦਾਰ ਨੇ ਸਮੂਹ ਸੰਗਤਾਂ ਨੂੰ ਮੇਲੇ ਦੀਆਂ ਵਧਾਈਆਂ ਦਿੱਤੀਆਂ ਅਤੇ ਕਿਹਾ ਕਿ ਇਹ ਮੇਲਾ ਆਪਸੀ ਭਾਈਚਾਰੇ ਅਤੇ ਸ਼ਰਧਾ ਦਾ ਪ੍ਰਤੀਕ ਹੈ।
ਲਿਬਾਸ ਨੇ ਅੰਮ੍ਰਿਤਸਰ ਵਿੱਚ ਨਵਾਂ ਸਟੋਰ ਲਾਂਚ ਕੀਤਾ
ਸ੍ਰੀ ਅੰਮ੍ਰਿਤਸਰ ਸਾਹਿਬ, 29 ਅਗਸਤ (ਆਰ ਮੀਡੀਆ)- ਫੈਸ਼ਨ ਬ੍ਰਾਂਡ ਲਿਬਾਸ ਨੇ ਅੰਮ੍ਰਿਤਸਰ ਵਿੱਚ ਆਪਣਾ ਨਵਾਂ ਸਟੋਰ ਖੋਲ੍ਹਿਆ ਹੈ। ਕੰਪਨੀ ਨੇ ਦੱਸਿਆ ਕਿ ਸਟੋਰ ਵਿੱਚ ਔਰਤਾਂ ਲਈ ਰਵਾਇਤੀ ਅਤੇ ਆਧੁਨਿਕ ਪਹਿਰਾਵੇ ਦੀ ਵਿਸ਼ਾਲ ਰੇਂਜ ਉਪਲਬਧ ਹੈ। ਗਾਹਕਾਂ ਨੂੰ ਵਧੀਆ ਖਰੀਦਦਾਰੀ ਦਾ ਤਜਰਬਾ ਦੇਣ ਲਈ ਵਿਸ਼ੇਸ਼ ਪ੍ਰਬੰਧ ਕੀਤੇ ਗਏ ਹਨ।
Libas
ਸਕਾਈਸਕੈਨਰ 'ਚ ਸੰਸਕ੍ਰਿਤਕ ਭ੍ਰਮਣ ਕਰਨ ਦੀ ਇੱਛਾ ਵੱਧ ਰਹੀ ਹੈ: ਸਕਾਈਸਕੈਨਰ ਦੀ ਰਿਪੋਰਟ 'ਚ ਸਾਹਮਣੇ ਆਇਆ ਕਿ ਸਾਲ 2025 'ਚ 10 'ਚੋਂ 8 ਭਾਰਤੀ ਸੰਸਕ੍ਰਿਤੀ ਦੀ ਖੋਜ 'ਚ ਯਾਤਰਾ ਕਰਨਾ ਚਾਹੁੰਦੇ ਹਨ
ਚੰਡੀਗੜ੍ਹ, 29 ਅਗਸਤ (ਆਰ ਮੀਡੀਆ)- ਯਾਤਰਾ ਪਲੇਟਫਾਰਮ ਸਕਾਈਸਕੈਨਰ ਦੀ ਨਵੀਂ ਰਿਪੋਰਟ ਅਨੁਸਾਰ ਭਾਰਤੀ ਯਾਤਰੀਆਂ ਵਿੱਚ ਸੱਭਿਆਚਾਰਕ ਯਾਤਰਾ ਦੀ ਇੱਛਾ ਤੇਜ਼ੀ ਨਾਲ ਵਧ ਰਹੀ ਹੈ। ਰਿਪੋਰਟ ਮੁਤਾਬਕ ਸਾਲ 2025 ਵਿੱਚ 10 ਵਿੱਚੋਂ 8 ਭਾਰਤੀ ਨਵੀਆਂ ਸੰਸਕ੍ਰਿਤੀਆਂ, ਖਾਣ-ਪੀਣ ਅਤੇ ਰਵਾਇਤਾਂ ਨੂੰ ਜਾਣਨ ਲਈ ਯਾਤਰਾ ਕਰਨਾ ਚਾਹੁੰਦੇ ਹਨ।
ਸੰਪਰਦਾਇ ਕਾਰ ਸੇਵਾ ਸਰਹਾਲੀ ਸਾਹਿਬ ਵੱਲੋਂ ਹੜ੍ਹ ਪ੍ਰਭਾਵਿਤ ਖੇਤਰਾਂ 'ਚ ਸੇਵਾਵਾਂ ਕਰਦਿਆਂ ਜ਼ਿਲ੍ਹਾ ਫਿਰੋਜ਼ਪੁਰ ਲਈ 300 ਪੇਟੀਆਂ ਪੀਣ ਵਾਲਾ ਪਾਣੀ ਭੇਜਿਆ
ਪੰਜਾਬ ਟਾਇਮਜ਼	ਖ਼ਬਰ
◆ ਸਤਾ ਵਿਖੇ ਬੰਨ੍ਹ ਦੀ ਮਜ਼ਬੂਤੀ ਦਾ 14ਵਾਂ ਦਿਨ
◆ ਸੁਲਤਾਨਪੁਰ ਲੋਧੀ ਇਲਾਕੇ ਵਿਚ ਰਾਹਤ ਕਾਰਜਾਂ ਦਾ 19ਵਾਂ ਦਿਨ
◆ ਦੂਜੇ ਦਿਨ ਡੇਰਾ ਬਾਬਾ ਨਾਨਕ ਵਿਖੇ ਲੰਗਰ ਦੇ ਪਹੁੰਚੀ ਸੰਪਰਦਾਇ
ਚੋਹਲਾ ਸਾਹਿਬ, 29 ਅਗਸਤ (ਰਾਕੇਸ਼ ਬਾਵਾ)- ਸੰਪਰਦਾਇ ਕਾਰ ਸੇਵਾ ਸਰਹਾਲੀ ਸਾਹਿਬ ਵੱਲੋਂ ਹੜ੍ਹ ਪ੍ਰਭਾਵਿਤ ਖੇਤਰਾਂ ਵਿੱਚ ਲਗਾਤਾਰ ਸੇਵਾਵਾਂ ਨਿਭਾਈਆਂ ਜਾ ਰਹੀਆਂ ਹਨ। ਸੰਤ ਬਾਬਾ ਸੁੱਖਾ ਸਿੰਘ ਜੀ ਦੀ ਅਗਵਾਈ ਹੇਠ ਜ਼ਿਲ੍ਹਾ ਫਿਰੋਜ਼ਪੁਰ ਦੇ ਪ੍ਰਭਾਵਿਤ ਪਿੰਡਾਂ ਲਈ 300 ਪੇਟੀਆਂ ਪੀਣ ਵਾਲਾ ਪਾਣੀ ਭੇਜਿਆ ਗਿਆ। ਸੇਵਾਦਾਰਾਂ ਵੱਲੋਂ ਬੰਨ੍ਹਾਂ ਦੀ ਮਜ਼ਬੂਤੀ, ਲੰਗਰ ਅਤੇ ਪਸ਼ੂਆਂ ਲਈ ਚਾਰੇ ਦੀ ਸੇਵਾ ਵੀ ਜਾਰੀ ਹੈ। ਸੰਗਤਾਂ ਵੱਲੋਂ ਵੱਡੇ ਪੱਧਰ 'ਤੇ ਸਹਿਯੋਗ ਦਿੱਤਾ ਜਾ ਰਿਹਾ ਹੈ।
ਅੰਮ੍ਰਿਤਾ ਹਸਪਤਾਲ ਦੀ ਸਫਲ ਇੰਟਰਾਯੂਟਰਾਇਨ ਸਰਜਰੀ ਨੇ ਕਈ ਬੱਚਿਆਂ ਨੂੰ ਦਿੱਤਾ ਨਵਾਂ ਜੀਵਨ
ਚੰਡੀਗੜ੍ਹ, 29 ਅਗਸਤ (ਆਰ ਮੀਡੀਆ)- ਅੰਮ੍ਰਿਤਾ ਹਸਪਤਾਲ ਫਰੀਦਾਬਾਦ ਦੇ ਡਾਕਟਰਾਂ ਨੇ ਗਰਭ ਵਿੱਚ ਪਲ ਰਹੇ ਬੱਚਿਆਂ ਦੀਆਂ ਗੰਭੀਰ ਬਿਮਾਰੀਆਂ ਦਾ ਸਫਲ ਇਲਾਜ ਕਰਕੇ ਕਈ ਪਰਿਵਾਰਾਂ ਨੂੰ ਨਵੀਂ ਉਮੀਦ ਦਿੱਤੀ ਹੈ। ਡਾਕਟਰਾਂ ਨੇ ਦੱਸਿਆ ਕਿ ਇੰਟਰਾਯੂਟਰਾਇਨ ਟ੍ਰਾਂਸਫਿਊਜ਼ਨ ਅਤੇ ਹੋਰ ਆਧੁਨਿਕ ਤਕਨੀਕਾਂ ਨਾਲ ਬੱਚਿਆਂ ਨੂੰ ਜਨਮ ਤੋਂ ਪਹਿਲਾਂ ਹੀ ਲੋੜੀਂਦਾ ਇਲਾਜ ਦਿੱਤਾ ਗਿਆ।
ਕਪਿਲ ਦੇ ਸੈੱਟ 'ਤੇ ਡੈਡੀ ਡਿਊਟੀਆਂ ਬਾਰੇ ਖੁੱਲ੍ਹ ਕੇ ਬੋਲਿਆ ਸਿਧਾਰਥ ਮਲਹੋਤਰਾ
ਚੰਡੀਗੜ੍ਹ, 29 ਅਗਸਤ (ਆਰ ਮੀਡੀਆ)- ਇਸ ਸ਼ਨਿੱਚਰਵਾਰ ਨੈੱਟਫਲਿਕਸ 'ਤੇ ਦਿ ਗ੍ਰੇਟ ਇੰਡੀਅਨ ਕਪਿਲ ਸ਼ੋਅ ਵਿੱਚ ਅਦਾਕਾਰ ਸਿਧਾਰਥ ਮਲਹੋਤਰਾ ਅਤੇ ਜਾਨ੍ਹਵੀ ਕਪੂਰ ਆਪਣੀ ਨਵੀਂ ਫਿਲਮ ਦੇ ਪ੍ਰਚਾਰ ਲਈ ਪਹੁੰਚਣਗੇ। ਸ਼ੋਅ ਦੌਰਾਨ ਸਿਧਾਰਥ ਨੇ ਪਿਤਾ ਬਣਨ ਦੇ ਤਜਰਬੇ ਅਤੇ ਘਰੇਲੂ ਜ਼ਿੰਮੇਵਾਰੀਆਂ ਬਾਰੇ ਖੁੱਲ੍ਹ ਕੇ ਗੱਲਬਾਤ ਕੀਤੀ, ਜਿਸ ਨਾਲ ਦਰਸ਼ਕਾਂ ਦਾ ਭਰਪੂਰ ਮਨੋਰੰਜਨ ਹੋਵੇਗਾ।
NETFLIX
C K	C K
